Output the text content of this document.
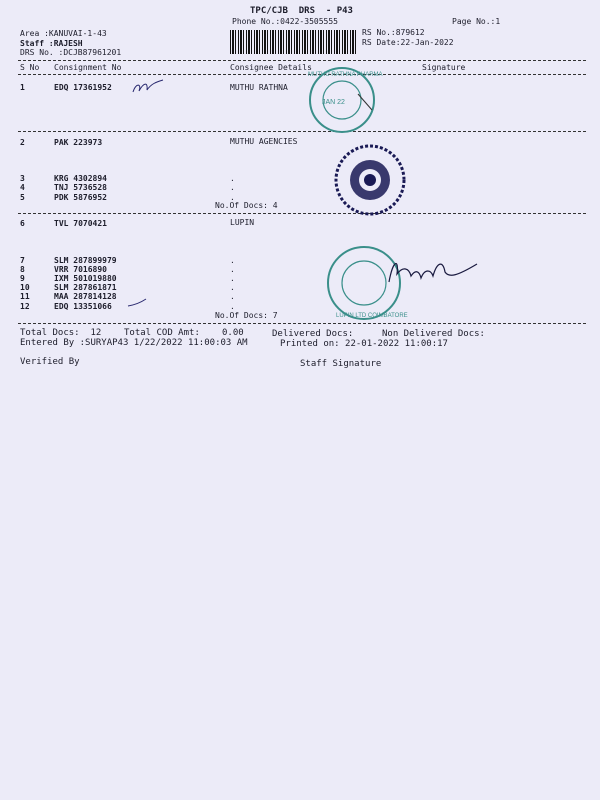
TPC/CJB  DRS  - P43
Phone No.:0422-3505555	Page No.:1
Area :KANUVAI-1-43
Staff :RAJESH
DRS No. :DCJB87961201
RS No.:879612
RS Date:22-Jan-2022
S No Consignment No	Consignee Details	Signature
1	EDQ 17361952	MUTHU RATHNA
2	PAK 223973	MUTHU AGENCIES
3	KRG 4302894	.
4	TNJ 5736528	.
5	PDK 5876952	.
No.Of Docs: 4
6	TVL 7070421	LUPIN
7	SLM 287899979	.
8	VRR 7016890	.
9	IXM 501019880	.
10	SLM 287861871	.
11	MAA 287814128	.
12	EDQ 13351066	.
No.Of Docs: 7
Total Docs:  12	Total COD Amt: 0.00	Delivered Docs:	Non Delivered Docs:
Entered By :SURYAP43 1/22/2022 11:00:03 AM	Printed on: 22-01-2022 11:00:17
Verified By	Staff Signature
JAN 22
MUTHU RATHNA PHARMA
LUPIN LTD COIMBATORE
